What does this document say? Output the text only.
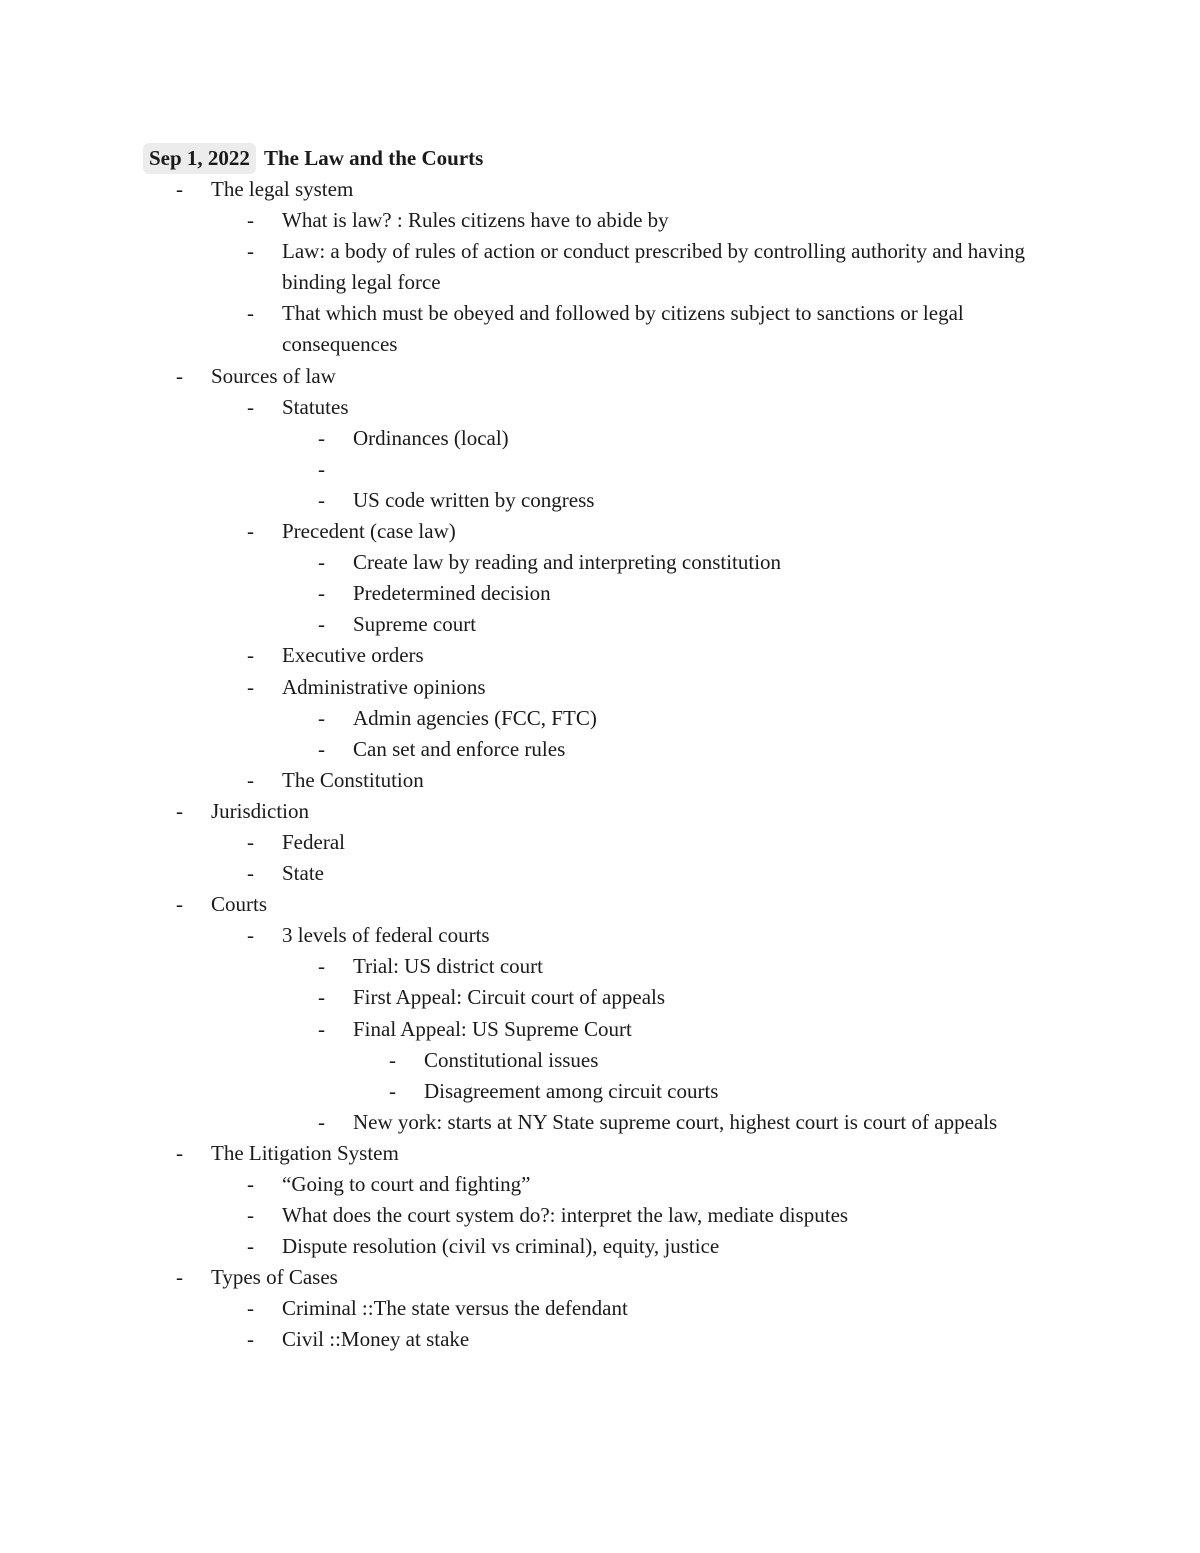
Sep 1, 2022 The Law and the Courts
-	The legal system
-	What is law? : Rules citizens have to abide by
-	Law: a body of rules of action or conduct prescribed by controlling authority and having binding legal force
-	That which must be obeyed and followed by citizens subject to sanctions or legal consequences
-	Sources of law
-	Statutes
-	Ordinances (local)
-

-	US code written by congress
-	Precedent (case law)
-	Create law by reading and interpreting constitution
-	Predetermined decision
-	Supreme court
-	Executive orders
-	Administrative opinions
-	Admin agencies (FCC, FTC)
-	Can set and enforce rules
-	The Constitution
-	Jurisdiction
-	Federal
-	State
-	Courts
-	3 levels of federal courts
-	Trial: US district court
-	First Appeal: Circuit court of appeals
-	Final Appeal: US Supreme Court
-	Constitutional issues
-	Disagreement among circuit courts
-	New york: starts at NY State supreme court, highest court is court of appeals
-	The Litigation System
-	“Going to court and fighting”
-	What does the court system do?: interpret the law, mediate disputes
-	Dispute resolution (civil vs criminal), equity, justice
-	Types of Cases
-	Criminal ::The state versus the defendant
-	Civil ::Money at stake
